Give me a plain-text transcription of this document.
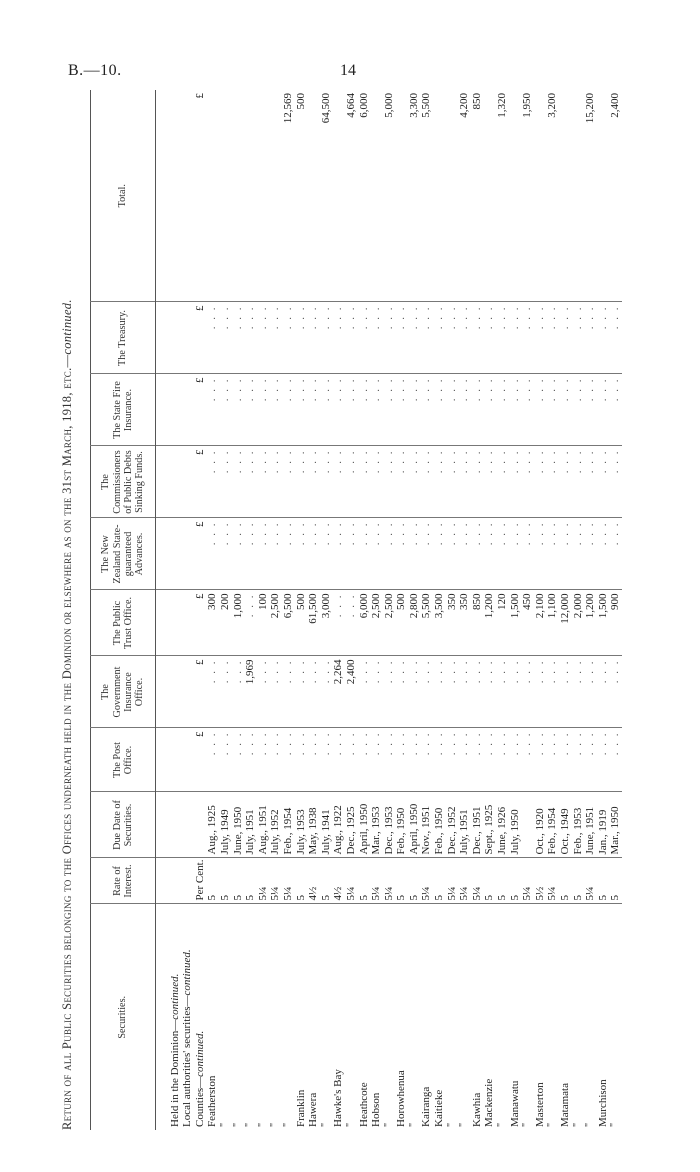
B.—10.	14
Return of all Public Securities belonging to the Offices underneath held in the Dominion or elsewhere as on the 31st March, 1918, etc.—continued.
Securities.	Rate of Interest.	Due Date of Securities.	The Post Office.	The Government Insurance Office.	The Public Trust Office.	The New Zealand State-guaranteed Advances.	The Commissioners of Public Debts Sinking Funds.	The State Fire Insurance.	The Treasury.	Total.

Held in the Dominion—continued.										
Local authorities' securities—continued.										
Counties—continued.	Per Cent.		£	£	£	£	£	£	£	£
Featherston	5	Aug., 1925	. . .	. . .	300	. . .	. . .	. . .	. . .	
"	5	July, 1949	. . .	. . .	200	. . .	. . .	. . .	. . .	
"	5	June, 1950	. . .	. . .	1,000	. . .	. . .	. . .	. . .	
"	5	July, 1951	. . .	1,969	. . .	. . .	. . .	. . .	. . .	
"	5¼	Aug., 1951	. . .	. . .	100	. . .	. . .	. . .	. . .	
"	5¼	July, 1952	. . .	. . .	2,500	. . .	. . .	. . .	. . .	
"	5¼	Feb., 1954	. . .	. . .	6,500	. . .	. . .	. . .	. . .	12,569
Franklin	5	July, 1953	. . .	. . .	500	. . .	. . .	. . .	. . .	500
Hawera	4½	May, 1938	. . .	. . .	61,500	. . .	. . .	. . .	. . .	
"	5	July, 1941	. . .	. . .	3,000	. . .	. . .	. . .	. . .	64,500
Hawke's Bay	4½	Aug., 1922	. . .	2,264	. . .	. . .	. . .	. . .	. . .	
"	5¼	Dec., 1925	. . .	2,400	. . .	. . .	. . .	. . .	. . .	4,664
Heathcote	5	April, 1950	. . .	. . .	6,000	. . .	. . .	. . .	. . .	6,000
Hobson	5¼	Mar., 1953	. . .	. . .	2,500	. . .	. . .	. . .	. . .	
"	5¼	Dec., 1953	. . .	. . .	2,500	. . .	. . .	. . .	. . .	5,000
Horowhenua	5	Feb., 1950	. . .	. . .	500	. . .	. . .	. . .	. . .	
"	5	April, 1950	. . .	. . .	2,800	. . .	. . .	. . .	. . .	3,300
Kairanga	5¼	Nov., 1951	. . .	. . .	5,500	. . .	. . .	. . .	. . .	5,500
Kaitieke	5	Feb., 1950	. . .	. . .	3,500	. . .	. . .	. . .	. . .	
"	5¼	Dec., 1952	. . .	. . .	350	. . .	. . .	. . .	. . .	
"	5¼	July, 1951	. . .	. . .	350	. . .	. . .	. . .	. . .	4,200
Kawhia	5¼	Dec., 1951	. . .	. . .	850	. . .	. . .	. . .	. . .	850
Mackenzie	5	Sept., 1925	. . .	. . .	1,200	. . .	. . .	. . .	. . .	
"	5	June, 1926	. . .	. . .	120	. . .	. . .	. . .	. . .	1,320
Manawatu	5	July, 1950	. . .	. . .	1,500	. . .	. . .	. . .	. . .	
"	5¼		. . .	. . .	450	. . .	. . .	. . .	. . .	1,950
Masterton	5½	Oct., 1920	. . .	. . .	2,100	. . .	. . .	. . .	. . .	
"	5¼	Feb., 1954	. . .	. . .	1,100	. . .	. . .	. . .	. . .	3,200
Matamata	5	Oct., 1949	. . .	. . .	12,000	. . .	. . .	. . .	. . .	
"	5	Feb., 1953	. . .	. . .	2,000	. . .	. . .	. . .	. . .	
"	5¼	June, 1951	. . .	. . .	1,200	. . .	. . .	. . .	. . .	15,200
Murchison	5	Jan., 1919	. . .	. . .	1,500	. . .	. . .	. . .	. . .	
"	5	Mar., 1950	. . .	. . .	900	. . .	. . .	. . .	. . .	2,400
